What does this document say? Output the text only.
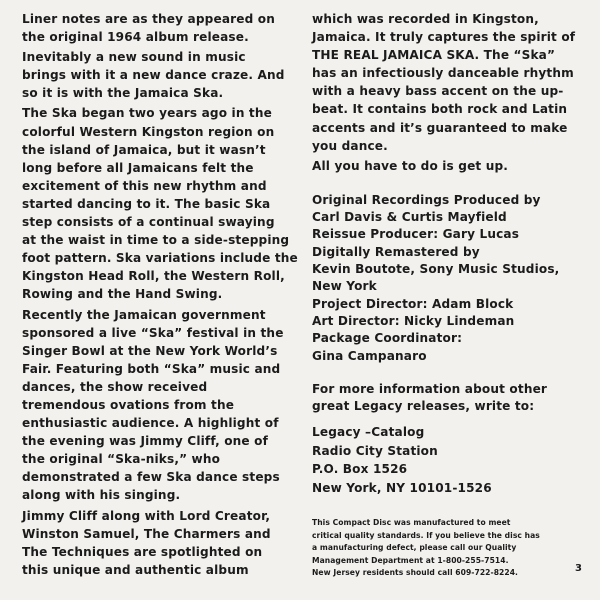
Liner notes are as they appeared on
the original 1964 album release.

Inevitably a new sound in music
brings with it a new dance craze. And
so it is with the Jamaica Ska.

The Ska began two years ago in the
colorful Western Kingston region on
the island of Jamaica, but it wasn’t
long before all Jamaicans felt the
excitement of this new rhythm and
started dancing to it. The basic Ska
step consists of a continual swaying
at the waist in time to a side-stepping
foot pattern. Ska variations include the
Kingston Head Roll, the Western Roll,
Rowing and the Hand Swing.

Recently the Jamaican government
sponsored a live “Ska” festival in the
Singer Bowl at the New York World’s
Fair. Featuring both “Ska” music and
dances, the show received
tremendous ovations from the
enthusiastic audience. A highlight of
the evening was Jimmy Cliff, one of
the original “Ska-niks,” who
demonstrated a few Ska dance steps
along with his singing.

Jimmy Cliff along with Lord Creator,
Winston Samuel, The Charmers and
The Techniques are spotlighted on
this unique and authentic album

which was recorded in Kingston,
Jamaica. It truly captures the spirit of
THE REAL JAMAICA SKA. The “Ska”
has an infectiously danceable rhythm
with a heavy bass accent on the up-
beat. It contains both rock and Latin
accents and it’s guaranteed to make
you dance.

All you have to do is get up.

Original Recordings Produced by
Carl Davis & Curtis Mayfield
Reissue Producer: Gary Lucas
Digitally Remastered by
Kevin Boutote, Sony Music Studios,
New York
Project Director: Adam Block
Art Director: Nicky Lindeman
Package Coordinator:
Gina Campanaro
For more information about other
great Legacy releases, write to:
Legacy –Catalog
Radio City Station
P.O. Box 1526
New York, NY 10101-1526
This Compact Disc was manufactured to meet
critical quality standards. If you believe the disc has
a manufacturing defect, please call our Quality
Management Department at 1-800-255-7514.
New Jersey residents should call 609-722-8224.	3
